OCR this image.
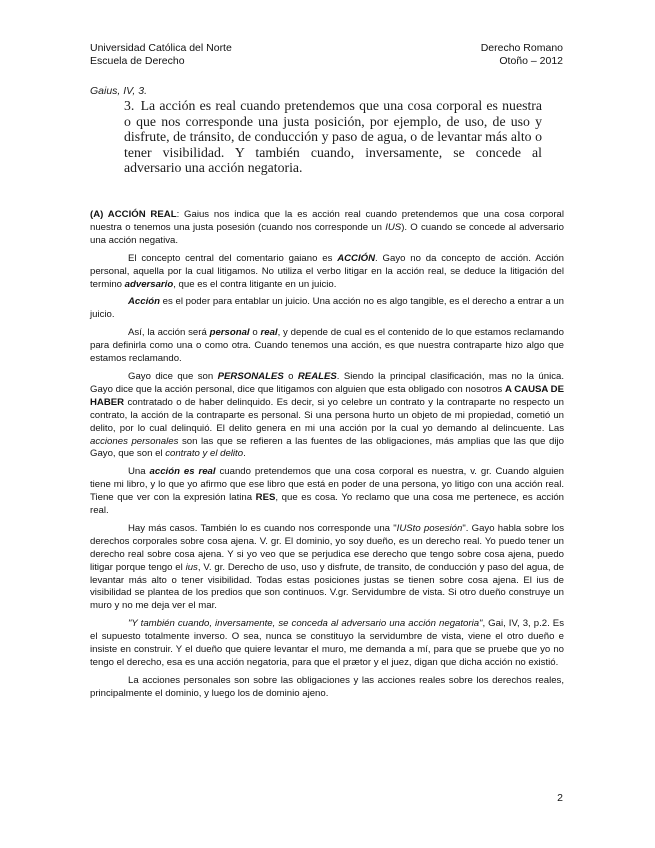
Universidad Católica del Norte
Escuela de Derecho
Derecho Romano
Otoño – 2012
Gaius, IV, 3.
3. La acción es real cuando pretendemos que una cosa corporal es nuestra o que nos corresponde una justa posición, por ejemplo, de uso, de uso y disfrute, de tránsito, de conducción y paso de agua, o de levantar más alto o tener visibilidad. Y también cuando, inversamente, se concede al adversario una acción negatoria.

(A) ACCIÓN REAL: Gaius nos indica que la es acción real cuando pretendemos que una cosa corporal nuestra o tenemos una justa posesión (cuando nos corresponde un IUS). O cuando se concede al adversario una acción negativa.

El concepto central del comentario gaiano es ACCIÓN. Gayo no da concepto de acción. Acción personal, aquella por la cual litigamos. No utiliza el verbo litigar en la acción real, se deduce la litigación del termino adversario, que es el contra litigante en un juicio.

Acción es el poder para entablar un juicio. Una acción no es algo tangible, es el derecho a entrar a un juicio.

Así, la acción será personal o real, y depende de cual es el contenido de lo que estamos reclamando para definirla como una o como otra. Cuando tenemos una acción, es que nuestra contraparte hizo algo que estamos reclamando.

Gayo dice que son PERSONALES o REALES. Siendo la principal clasificación, mas no la única. Gayo dice que la acción personal, dice que litigamos con alguien que esta obligado con nosotros A CAUSA DE HABER contratado o de haber delinquido. Es decir, si yo celebre un contrato y la contraparte no respecto un contrato, la acción de la contraparte es personal. Si una persona hurto un objeto de mi propiedad, cometió un delito, por lo cual delinquió. El delito genera en mi una acción por la cual yo demando al delincuente. Las acciones personales son las que se refieren a las fuentes de las obligaciones, más amplias que las que dijo Gayo, que son el contrato y el delito.

Una acción es real cuando pretendemos que una cosa corporal es nuestra, v. gr. Cuando alguien tiene mi libro, y lo que yo afirmo que ese libro que está en poder de una persona, yo litigo con una acción real. Tiene que ver con la expresión latina RES, que es cosa. Yo reclamo que una cosa me pertenece, es acción real.

Hay más casos. También lo es cuando nos corresponde una "IUSto posesión". Gayo habla sobre los derechos corporales sobre cosa ajena. V. gr. El dominio, yo soy dueño, es un derecho real. Yo puedo tener un derecho real sobre cosa ajena. Y si yo veo que se perjudica ese derecho que tengo sobre cosa ajena, puedo litigar porque tengo el ius, V. gr. Derecho de uso, uso y disfrute, de transito, de conducción y paso del agua, de levantar más alto o tener visibilidad. Todas estas posiciones justas se tienen sobre cosa ajena. El ius de visibilidad se plantea de los predios que son continuos. V.gr. Servidumbre de vista. Si otro dueño construye un muro y no me deja ver el mar.

"Y también cuando, inversamente, se conceda al adversario una acción negatoria", Gai, IV, 3, p.2. Es el supuesto totalmente inverso. O sea, nunca se constituyo la servidumbre de vista, viene el otro dueño e insiste en construir. Y el dueño que quiere levantar el muro, me demanda a mí, para que se pruebe que yo no tengo el derecho, esa es una acción negatoria, para que el prætor y el juez, digan que dicha acción no existió.

La acciones personales son sobre las obligaciones y las acciones reales sobre los derechos reales, principalmente el dominio, y luego los de dominio ajeno.

2
